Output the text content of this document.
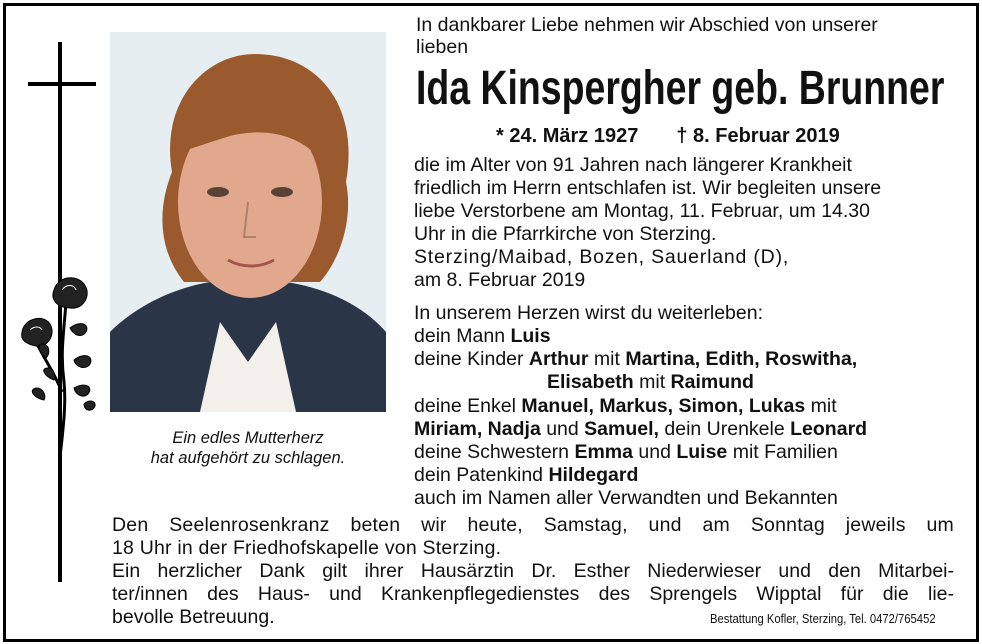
Ein edles Mutterherz
hat aufgehört zu schlagen.
In dankbarer Liebe nehmen wir Abschied von unserer
lieben
Ida Kinspergher geb. Brunner
* 24. März 1927 † 8. Februar 2019
die im Alter von 91 Jahren nach längerer Krankheit
friedlich im Herrn entschlafen ist. Wir begleiten unsere
liebe Verstorbene am Montag, 11. Februar, um 14.30
Uhr in die Pfarrkirche von Sterzing.
Sterzing/Maibad, Bozen, Sauerland (D),
am 8. Februar 2019
In unserem Herzen wirst du weiterleben:
dein Mann Luis
deine Kinder Arthur mit Martina, Edith, Roswitha,
Elisabeth mit Raimund
deine Enkel Manuel, Markus, Simon, Lukas mit
Miriam, Nadja und Samuel, dein Urenkele Leonard
deine Schwestern Emma und Luise mit Familien
dein Patenkind Hildegard
auch im Namen aller Verwandten und Bekannten
Den Seelenrosenkranz beten wir heute, Samstag, und am Sonntag jeweils um
18 Uhr in der Friedhofskapelle von Sterzing.
Ein herzlicher Dank gilt ihrer Hausärztin Dr. Esther Niederwieser und den Mitarbei-
ter/innen des Haus- und Krankenpflegedienstes des Sprengels Wipptal für die lie-
bevolle Betreuung.	Bestattung Kofler, Sterzing, Tel. 0472/765452
